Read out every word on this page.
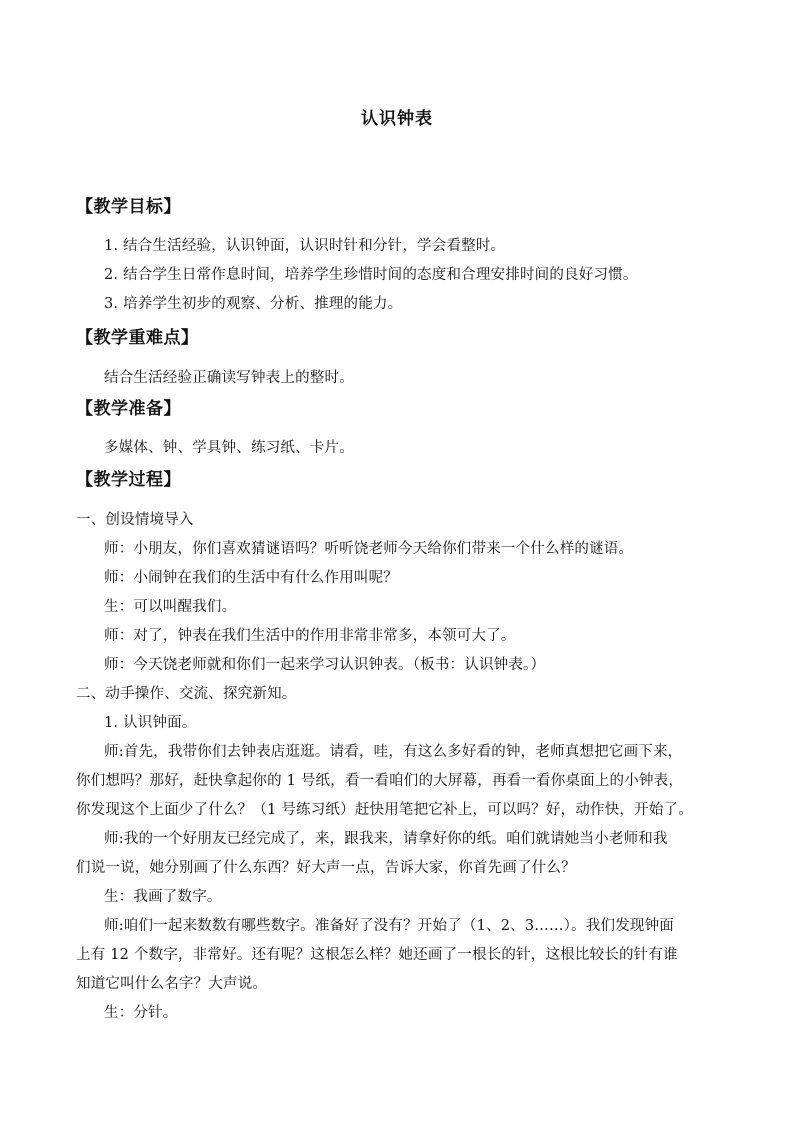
认识钟表
【教学目标】
1. 结合生活经验，认识钟面，认识时针和分针，学会看整时。
2. 结合学生日常作息时间，培养学生珍惜时间的态度和合理安排时间的良好习惯。
3. 培养学生初步的观察、分析、推理的能力。
【教学重难点】
结合生活经验正确读写钟表上的整时。
【教学准备】
多媒体、钟、学具钟、练习纸、卡片。
【教学过程】
一、创设情境导入
师：小朋友，你们喜欢猜谜语吗？听听饶老师今天给你们带来一个什么样的谜语。
师：小闹钟在我们的生活中有什么作用叫呢？
生：可以叫醒我们。
师：对了，钟表在我们生活中的作用非常非常多，本领可大了。
师：今天饶老师就和你们一起来学习认识钟表。（板书：认识钟表。）
二、动手操作、交流、探究新知。
1. 认识钟面。
师:首先，我带你们去钟表店逛逛。请看，哇，有这么多好看的钟，老师真想把它画下来，
你们想吗？那好，赶快拿起你的 1 号纸，看一看咱们的大屏幕，再看一看你桌面上的小钟表，
你发现这个上面少了什么？（1 号练习纸）赶快用笔把它补上，可以吗？好，动作快，开始了。
师:我的一个好朋友已经完成了，来，跟我来，请拿好你的纸。咱们就请她当小老师和我
们说一说，她分别画了什么东西？好大声一点，告诉大家，你首先画了什么？
生：我画了数字。
师:咱们一起来数数有哪些数字。准备好了没有？开始了（1、2、3……）。我们发现钟面
上有 12 个数字，非常好。还有呢？这根怎么样？她还画了一根长的针，这根比较长的针有谁
知道它叫什么名字？大声说。
生：分针。
